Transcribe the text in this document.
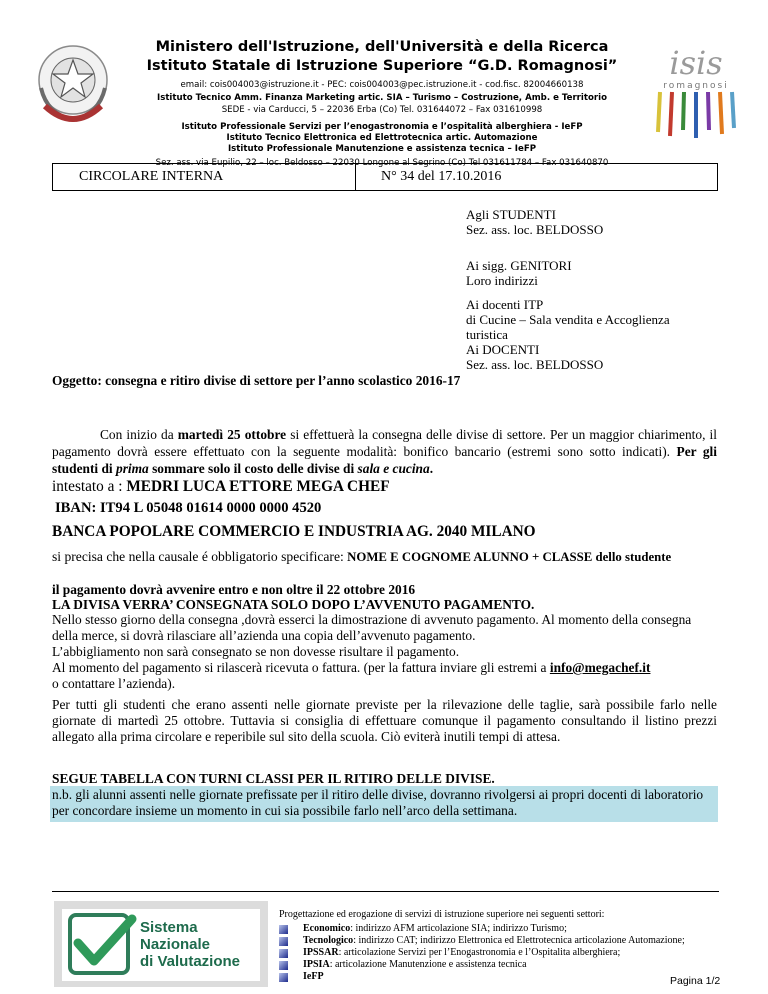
Ministero dell'Istruzione, dell'Università e della Ricerca
Istituto Statale di Istruzione Superiore “G.D. Romagnosi”
email: cois004003@istruzione.it - PEC: cois004003@pec.istruzione.it - cod.fisc. 82004660138
Istituto Tecnico Amm. Finanza Marketing artic. SIA – Turismo – Costruzione, Amb. e Territorio
SEDE - via Carducci, 5 – 22036 Erba (Co) Tel. 031644072 – Fax 031610998
Istituto Professionale Servizi per l’enogastronomia e l’ospitalità alberghiera - IeFP
Istituto Tecnico Elettronica ed Elettrotecnica artic. Automazione
Istituto Professionale Manutenzione e assistenza tecnica – IeFP
Sez. ass. via Eupilio, 22 – loc. Beldosso – 22030 Longone al Segrino (Co) Tel 031611784 – Fax 031640870
isis
romagnosi
CIRCOLARE INTERNA	N° 34 del 17.10.2016
Agli STUDENTI
Sez. ass. loc. BELDOSSO
Ai sigg. GENITORI
Loro indirizzi
Ai docenti ITP
di Cucine – Sala vendita e Accoglienza
turistica
Ai DOCENTI
Sez. ass. loc. BELDOSSO
Oggetto: consegna e ritiro divise di settore per l’anno scolastico 2016-17
Con inizio da martedì 25 ottobre si effettuerà la consegna delle divise di settore. Per un maggior chiarimento, il pagamento dovrà essere effettuato con la seguente modalità: bonifico bancario (estremi sono sotto indicati). Per gli studenti di prima sommare solo il costo delle divise di sala e cucina.
intestato a : MEDRI LUCA ETTORE MEGA CHEF
IBAN: IT94 L 05048 01614 0000 0000 4520
BANCA POPOLARE COMMERCIO E INDUSTRIA AG. 2040 MILANO
si precisa che nella causale é obbligatorio specificare: NOME E COGNOME ALUNNO + CLASSE dello studente
il pagamento dovrà avvenire entro e non oltre il 22 ottobre 2016
LA DIVISA VERRA’ CONSEGNATA SOLO DOPO L’AVVENUTO PAGAMENTO.
Nello stesso giorno della consegna ,dovrà esserci la dimostrazione di avvenuto pagamento. Al momento della consegna della merce, si dovrà rilasciare all’azienda una copia dell’avvenuto pagamento.
L’abbigliamento non sarà consegnato se non dovesse risultare il pagamento.
Al momento del pagamento si rilascerà ricevuta o fattura. (per la fattura inviare gli estremi a info@megachef.it
o contattare l’azienda).
Per tutti gli studenti che erano assenti nelle giornate previste per la rilevazione delle taglie, sarà possibile farlo nelle giornate di martedì 25 ottobre. Tuttavia si consiglia di effettuare comunque il pagamento consultando il listino prezzi allegato alla prima circolare e reperibile sul sito della scuola. Ciò eviterà inutili tempi di attesa.
SEGUE TABELLA CON TURNI CLASSI PER IL RITIRO DELLE DIVISE.
n.b. gli alunni assenti nelle giornate prefissate per il ritiro delle divise, dovranno rivolgersi ai propri docenti di laboratorio per concordare insieme un momento in cui sia possibile farlo nell’arco della settimana.
Sistema
Nazionale
di Valutazione
Progettazione ed erogazione di servizi di istruzione superiore nei seguenti settori:
Economico: indirizzo AFM articolazione SIA; indirizzo Turismo;
Tecnologico: indirizzo CAT; indirizzo Elettronica ed Elettrotecnica articolazione Automazione;
IPSSAR: articolazione Servizi per l’Enogastronomia e l’Ospitalita alberghiera;
IPSIA: articolazione Manutenzione e assistenza tecnica
IeFP	Pagina 1/2
